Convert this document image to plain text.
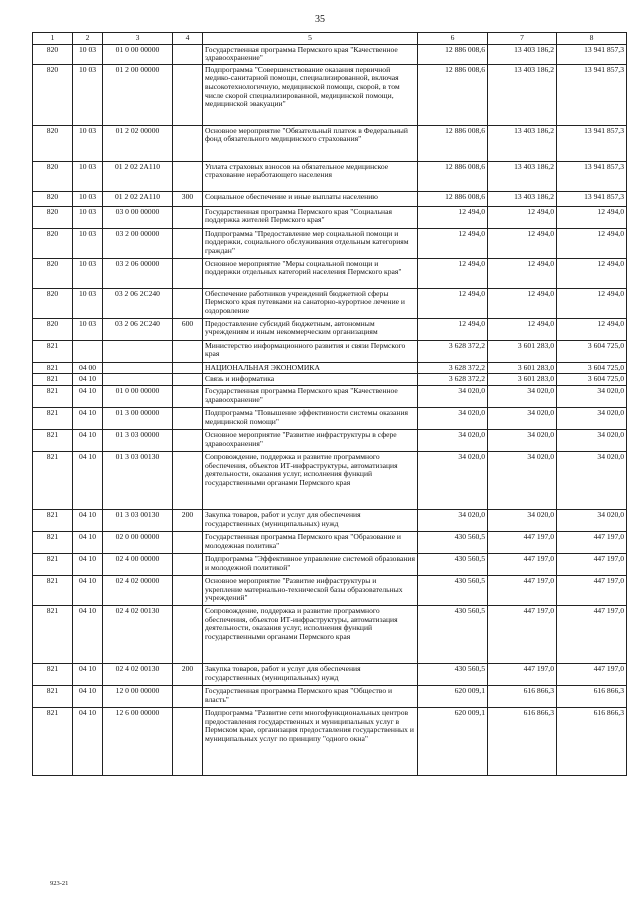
35
1	2	3	4	5	6	7	8
820	10 03	01 0 00 00000		Государственная программа Пермского края "Качественное здравоохранение"	12 886 008,6	13 403 186,2	13 941 857,3
820	10 03	01 2 00 00000		Подпрограмма "Совершенствование оказания первичной медико-санитарной помощи, специализированной, включая высокотехнологичную, медицинской помощи, скорой, в том числе скорой специализированной, медицинской помощи, медицинской эвакуации"	12 886 008,6	13 403 186,2	13 941 857,3
820	10 03	01 2 02 00000		Основное мероприятие "Обязательный платеж в Федеральный фонд обязательного медицинского страхования"	12 886 008,6	13 403 186,2	13 941 857,3
820	10 03	01 2 02 2А110		Уплата страховых взносов на обязательное медицинское страхование неработающего населения	12 886 008,6	13 403 186,2	13 941 857,3
820	10 03	01 2 02 2А110	300	Социальное обеспечение и иные выплаты населению	12 886 008,6	13 403 186,2	13 941 857,3
820	10 03	03 0 00 00000		Государственная программа Пермского края "Социальная поддержка жителей Пермского края"	12 494,0	12 494,0	12 494,0
820	10 03	03 2 00 00000		Подпрограмма "Предоставление мер социальной помощи и поддержки, социального обслуживания отдельным категориям граждан"	12 494,0	12 494,0	12 494,0
820	10 03	03 2 06 00000		Основное мероприятие "Меры социальной помощи и поддержки отдельных категорий населения Пермского края"	12 494,0	12 494,0	12 494,0
820	10 03	03 2 06 2С240		Обеспечение работников учреждений бюджетной сферы Пермского края путевками на санаторно-курортное лечение и оздоровление	12 494,0	12 494,0	12 494,0
820	10 03	03 2 06 2С240	600	Предоставление субсидий бюджетным, автономным учреждениям и иным некоммерческим организациям	12 494,0	12 494,0	12 494,0
821				Министерство информационного развития и связи Пермского края	3 628 372,2	3 601 283,0	3 604 725,0
821	04 00			НАЦИОНАЛЬНАЯ ЭКОНОМИКА	3 628 372,2	3 601 283,0	3 604 725,0
821	04 10			Связь и информатика	3 628 372,2	3 601 283,0	3 604 725,0
821	04 10	01 0 00 00000		Государственная программа Пермского края "Качественное здравоохранение"	34 020,0	34 020,0	34 020,0
821	04 10	01 3 00 00000		Подпрограмма "Повышение эффективности системы оказания медицинской помощи"	34 020,0	34 020,0	34 020,0
821	04 10	01 3 03 00000		Основное мероприятие "Развитие инфраструктуры в сфере здравоохранения"	34 020,0	34 020,0	34 020,0
821	04 10	01 3 03 00130		Сопровождение, поддержка и развитие программного обеспечения, объектов ИТ-инфраструктуры, автоматизация деятельности, оказания услуг, исполнения функций государственными органами Пермского края	34 020,0	34 020,0	34 020,0
821	04 10	01 3 03 00130	200	Закупка товаров, работ и услуг для обеспечения государственных (муниципальных) нужд	34 020,0	34 020,0	34 020,0
821	04 10	02 0 00 00000		Государственная программа Пермского края "Образование и молодежная политика"	430 560,5	447 197,0	447 197,0
821	04 10	02 4 00 00000		Подпрограмма "Эффективное управление системой образования и молодежной политикой"	430 560,5	447 197,0	447 197,0
821	04 10	02 4 02 00000		Основное мероприятие "Развитие инфраструктуры и укрепление материально-технической базы образовательных учреждений"	430 560,5	447 197,0	447 197,0
821	04 10	02 4 02 00130		Сопровождение, поддержка и развитие программного обеспечения, объектов ИТ-инфраструктуры, автоматизация деятельности, оказания услуг, исполнения функций государственными органами Пермского края	430 560,5	447 197,0	447 197,0
821	04 10	02 4 02 00130	200	Закупка товаров, работ и услуг для обеспечения государственных (муниципальных) нужд	430 560,5	447 197,0	447 197,0
821	04 10	12 0 00 00000		Государственная программа Пермского края "Общество и власть"	620 009,1	616 866,3	616 866,3
821	04 10	12 6 00 00000		Подпрограмма "Развитие сети многофункциональных центров предоставления государственных и муниципальных услуг в Пермском крае, организация предоставления государственных и муниципальных услуг по принципу "одного окна"	620 009,1	616 866,3	616 866,3
923-21
